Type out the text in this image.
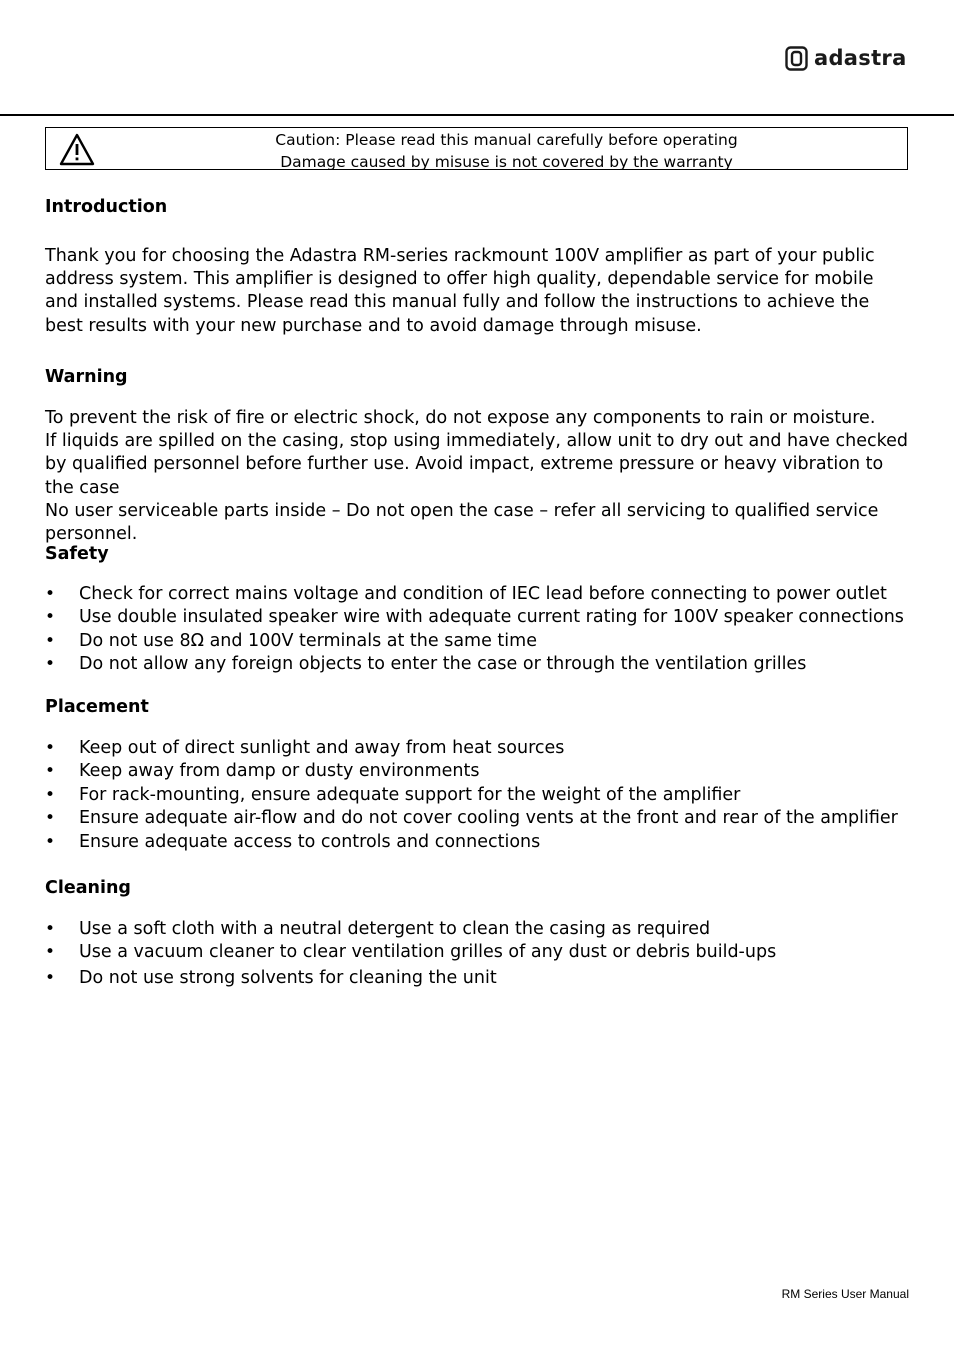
adastra
Caution: Please read this manual carefully before operating
Damage caused by misuse is not covered by the warranty
Introduction

Thank you for choosing the Adastra RM-series rackmount 100V amplifier as part of your public address system. This amplifier is designed to offer high quality, dependable service for mobile and installed systems. Please read this manual fully and follow the instructions to achieve the best results with your new purchase and to avoid damage through misuse.

Warning

To prevent the risk of fire or electric shock, do not expose any components to rain or moisture.

If liquids are spilled on the casing, stop using immediately, allow unit to dry out and have checked by qualified personnel before further use. Avoid impact, extreme pressure or heavy vibration to the case

No user serviceable parts inside – Do not open the case – refer all servicing to qualified service personnel.

Safety
• Check for correct mains voltage and condition of IEC lead before connecting to power outlet
• Use double insulated speaker wire with adequate current rating for 100V speaker connections
• Do not use 8Ω and 100V terminals at the same time
• Do not allow any foreign objects to enter the case or through the ventilation grilles
Placement
• Keep out of direct sunlight and away from heat sources
• Keep away from damp or dusty environments
• For rack-mounting, ensure adequate support for the weight of the amplifier
• Ensure adequate air-flow and do not cover cooling vents at the front and rear of the amplifier
• Ensure adequate access to controls and connections
Cleaning
• Use a soft cloth with a neutral detergent to clean the casing as required
• Use a vacuum cleaner to clear ventilation grilles of any dust or debris build-ups
• Do not use strong solvents for cleaning the unit
RM Series User Manual
